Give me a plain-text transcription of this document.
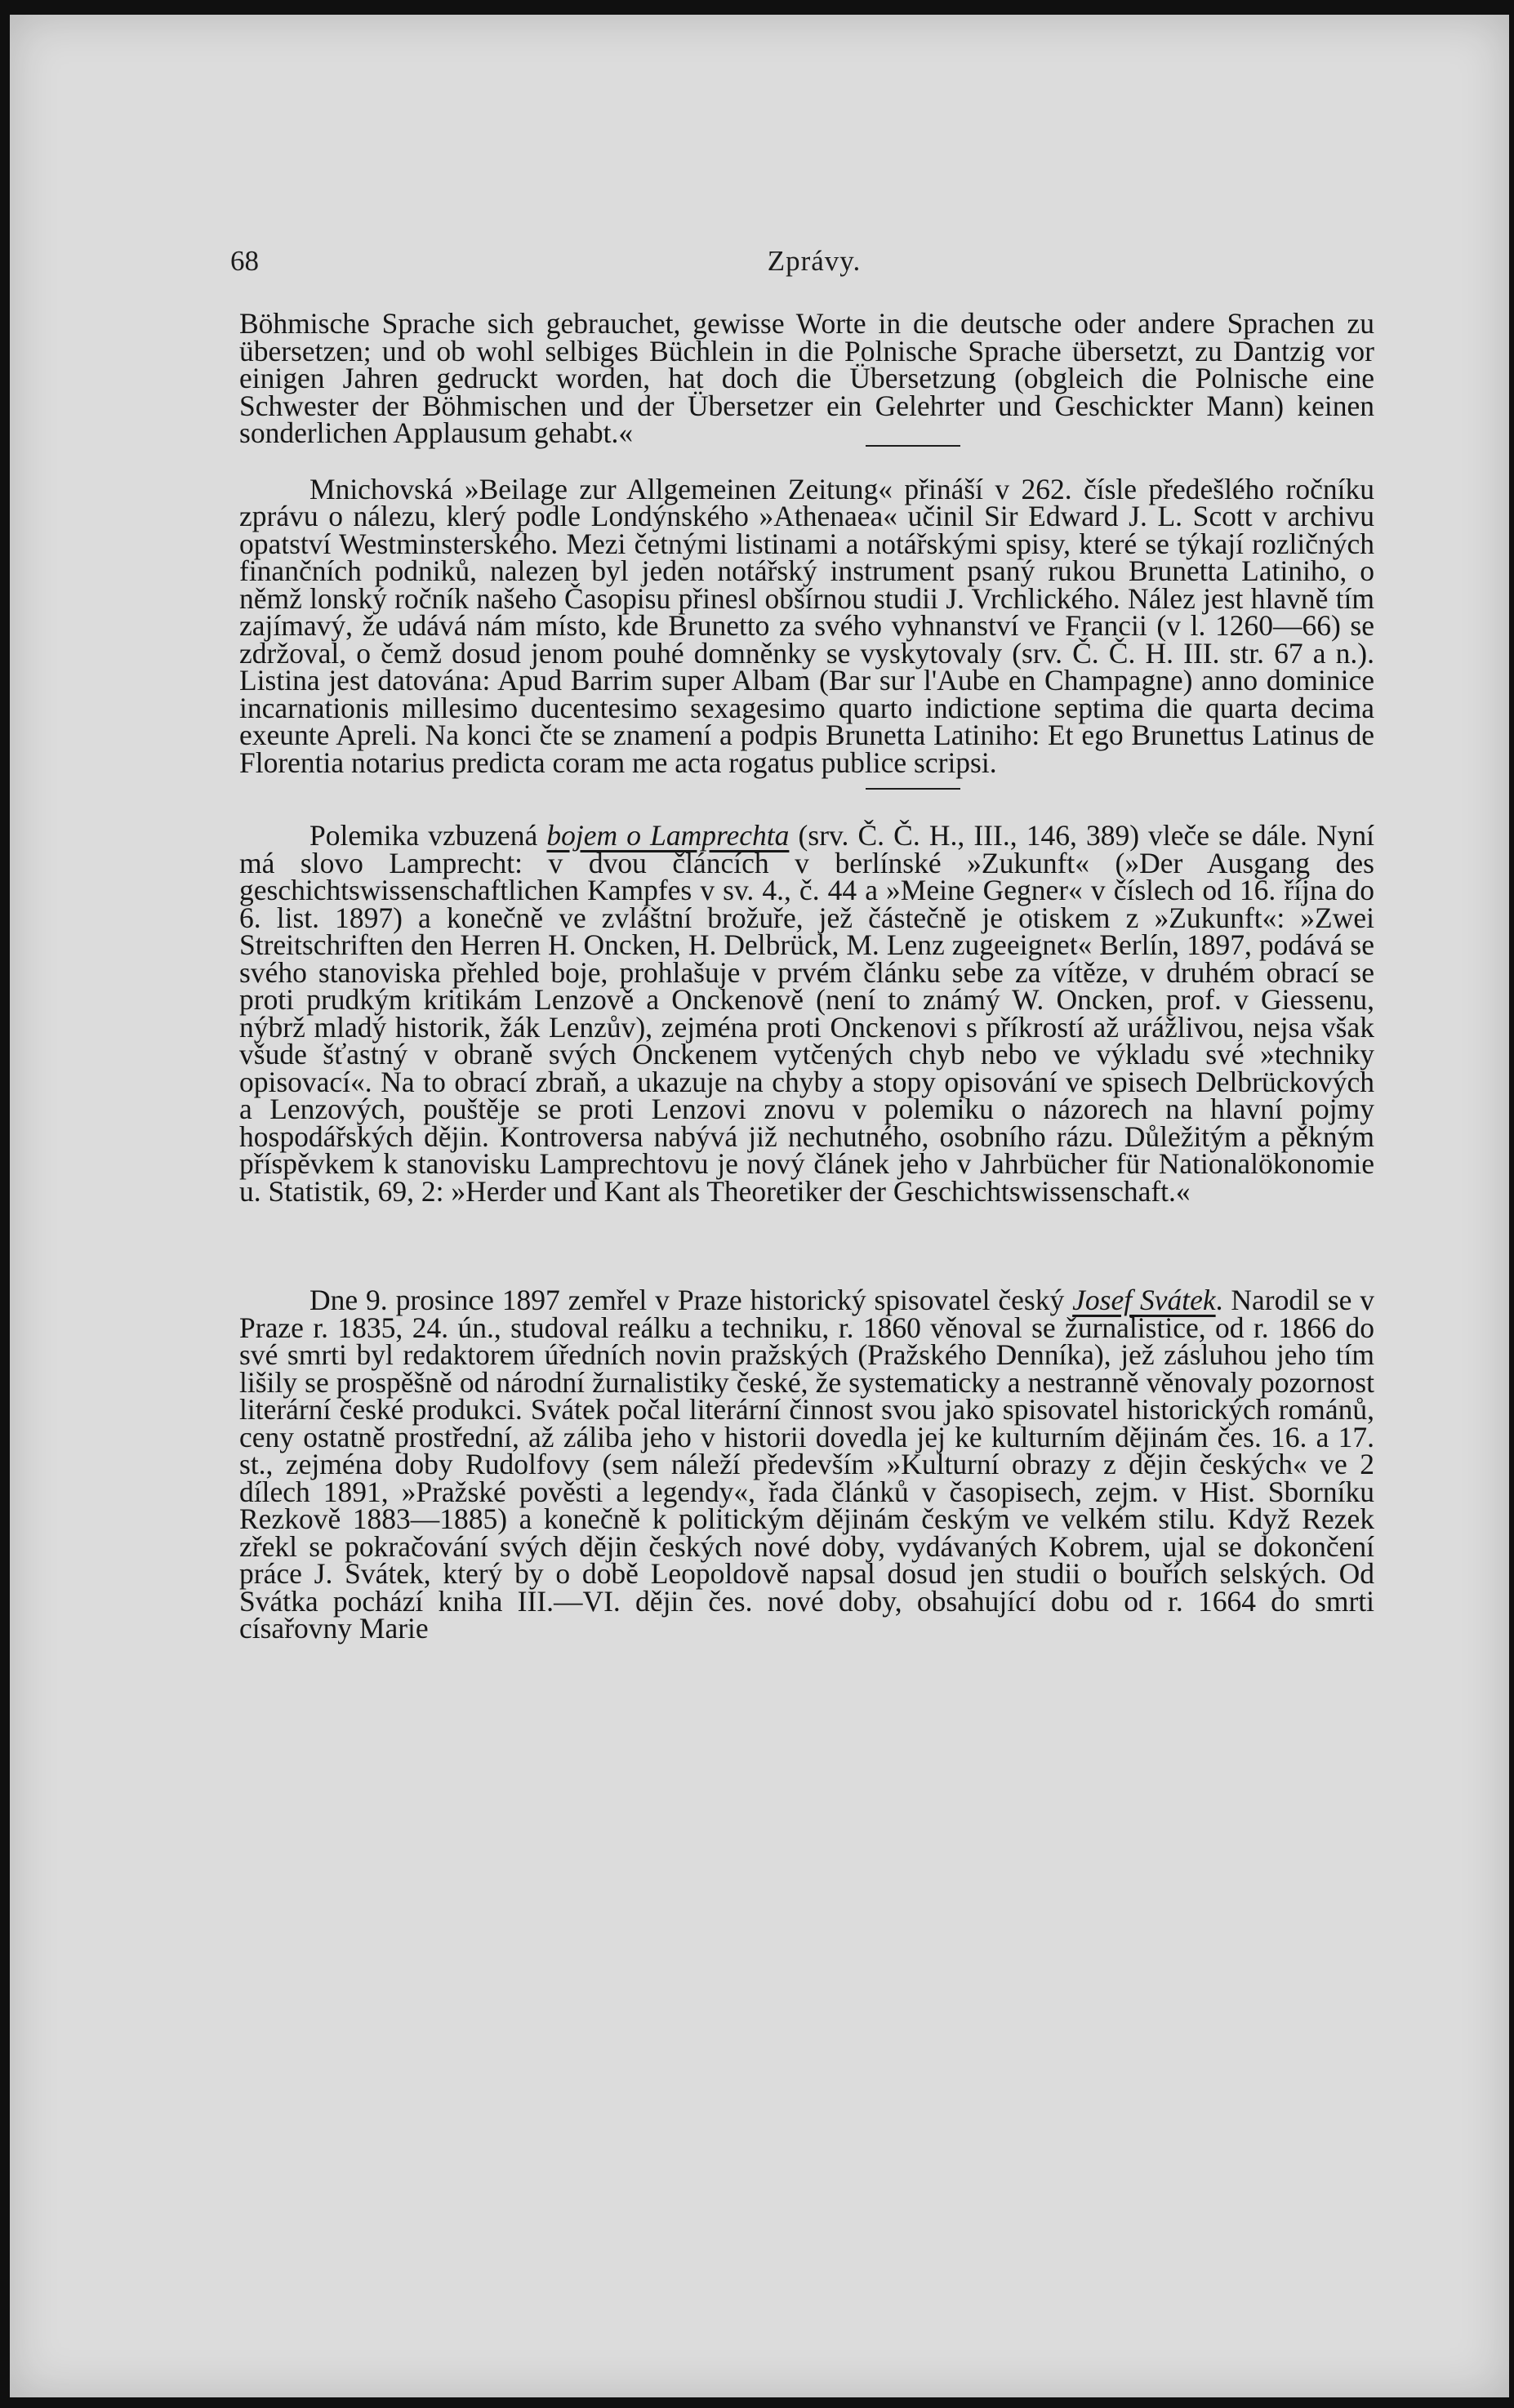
68	Zprávy.

Böhmische Sprache sich gebrauchet, gewisse Worte in die deutsche oder andere Sprachen zu übersetzen; und ob wohl selbiges Büchlein in die Polnische Sprache übersetzt, zu Dantzig vor einigen Jahren gedruckt worden, hat doch die Übersetzung (obgleich die Polnische eine Schwester der Böhmischen und der Übersetzer ein Gelehrter und Geschickter Mann) keinen sonderlichen Applausum gehabt.«

Mnichovská »Beilage zur Allgemeinen Zeitung« přináší v 262. čísle předešlého ročníku zprávu o nálezu, klerý podle Londýnského »Athenaea« učinil Sir Edward J. L. Scott v archivu opatství Westminsterského. Mezi četnými listinami a notářskými spisy, které se týkají rozličných finančních podniků, nalezen byl jeden notářský instrument psaný rukou Brunetta Latiniho, o němž lonský ročník našeho Časopisu přinesl obšírnou studii J. Vrchlického. Nález jest hlavně tím zajímavý, že udává nám místo, kde Brunetto za svého vyhnanství ve Francii (v l. 1260—66) se zdržoval, o čemž dosud jenom pouhé domněnky se vyskytovaly (srv. Č. Č. H. III. str. 67 a n.). Listina jest datována: Apud Barrim super Albam (Bar sur l'Aube en Champagne) anno dominice incarnationis millesimo ducentesimo sexagesimo quarto indictione septima die quarta decima exeunte Apreli. Na konci čte se znamení a podpis Brunetta Latiniho: Et ego Brunettus Latinus de Florentia notarius predicta coram me acta rogatus publice scripsi.

Polemika vzbuzená bojem o Lamprechta (srv. Č. Č. H., III., 146, 389) vleče se dále. Nyní má slovo Lamprecht: v dvou článcích v berlínské »Zukunft« (»Der Ausgang des geschichtswissenschaftlichen Kampfes v sv. 4., č. 44 a »Meine Gegner« v číslech od 16. října do 6. list. 1897) a konečně ve zvláštní brožuře, jež částečně je otiskem z »Zukunft«: »Zwei Streitschriften den Herren H. Oncken, H. Delbrück, M. Lenz zugeeignet« Berlín, 1897, podává se svého stanoviska přehled boje, prohlašuje v prvém článku sebe za vítěze, v druhém obrací se proti prudkým kritikám Lenzově a Onckenově (není to známý W. Oncken, prof. v Giessenu, nýbrž mladý historik, žák Lenzův), zejména proti Onckenovi s příkrostí až urážlivou, nejsa však všude šťastný v obraně svých Onckenem vytčených chyb nebo ve výkladu své »techniky opisovací«. Na to obrací zbraň, a ukazuje na chyby a stopy opisování ve spisech Delbrückových a Lenzových, pouštěje se proti Lenzovi znovu v polemiku o názorech na hlavní pojmy hospodářských dějin. Kontroversa nabývá již nechutného, osobního rázu. Důležitým a pěkným příspěvkem k stanovisku Lamprechtovu je nový článek jeho v Jahrbücher für Nationalökonomie u. Statistik, 69, 2: »Herder und Kant als Theoretiker der Geschichtswissenschaft.«

Dne 9. prosince 1897 zemřel v Praze historický spisovatel český Josef Svátek. Narodil se v Praze r. 1835, 24. ún., studoval reálku a techniku, r. 1860 věnoval se žurnalistice, od r. 1866 do své smrti byl redaktorem úředních novin pražských (Pražského Denníka), jež zásluhou jeho tím lišily se prospěšně od národní žurnalistiky české, že systematicky a nestranně věnovaly pozornost literární české produkci. Svátek počal literární činnost svou jako spisovatel historických románů, ceny ostatně prostřední, až záliba jeho v historii dovedla jej ke kulturním dějinám čes. 16. a 17. st., zejména doby Rudolfovy (sem náleží především »Kulturní obrazy z dějin českých« ve 2 dílech 1891, »Pražské pověsti a legendy«, řada článků v časopisech, zejm. v Hist. Sborníku Rezkově 1883—1885) a konečně k politickým dějinám českým ve velkém stilu. Když Rezek zřekl se pokračování svých dějin českých nové doby, vydávaných Kobrem, ujal se dokončení práce J. Svátek, který by o době Leopoldově napsal dosud jen studii o bouřích selských. Od Svátka pochází kniha III.—VI. dějin čes. nové doby, obsahující dobu od r. 1664 do smrti císařovny Marie
